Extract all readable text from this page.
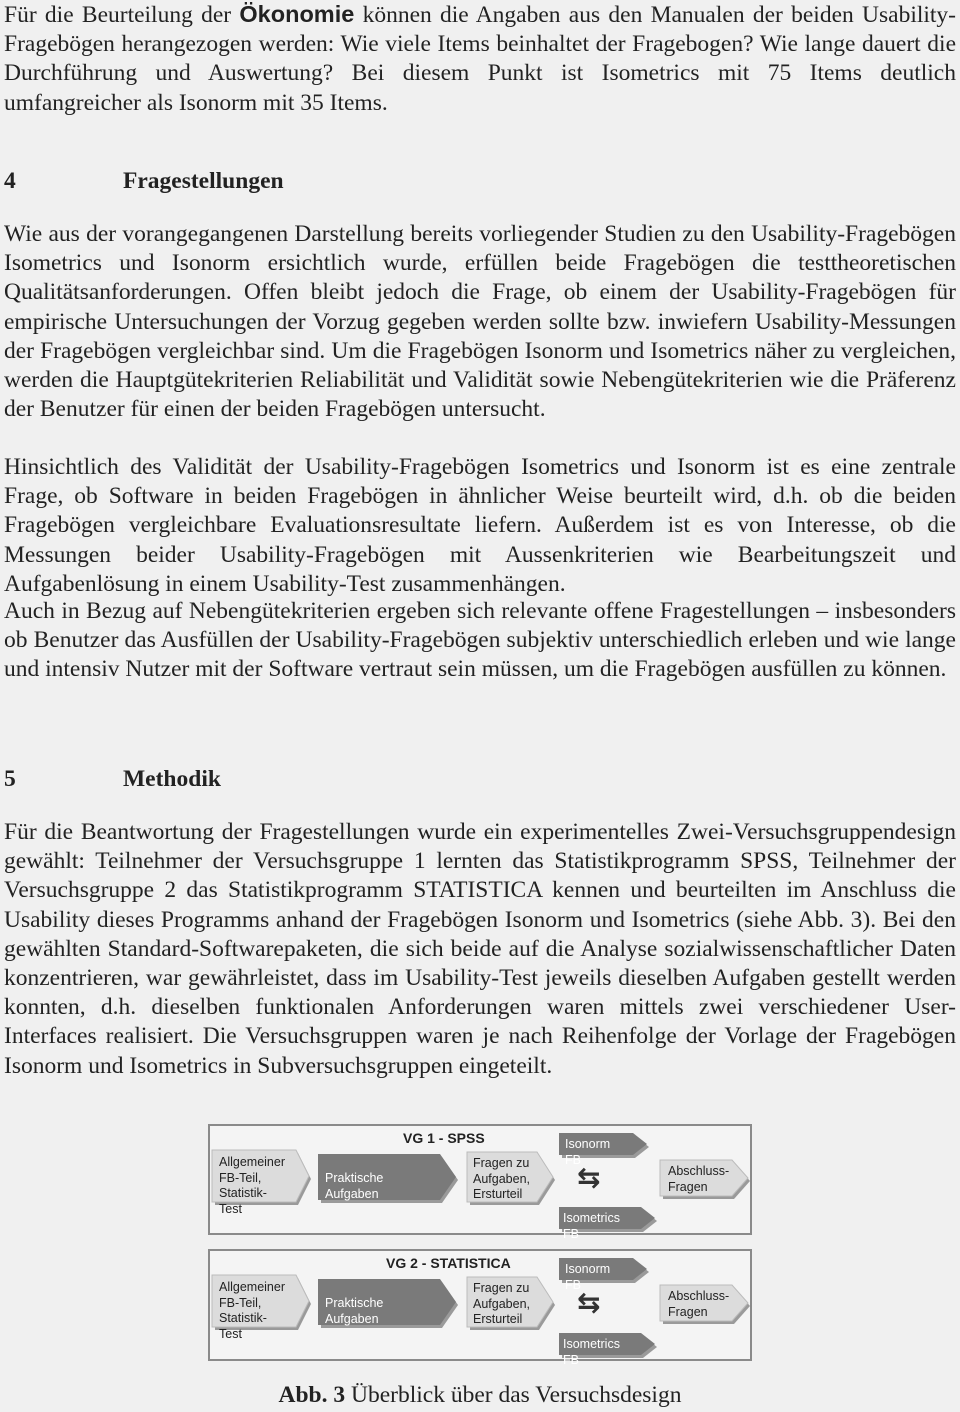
Für die Beurteilung der Ökonomie können die Angaben aus den Manualen der beiden Usability-Fragebögen herangezogen werden: Wie viele Items beinhaltet der Fragebogen? Wie lange dauert die Durchführung und Auswertung? Bei diesem Punkt ist Isometrics mit 75 Items deutlich umfangreicher als Isonorm mit 35 Items.

4	Fragestellungen

Wie aus der vorangegangenen Darstellung bereits vorliegender Studien zu den Usability-Fragebögen Isometrics und Isonorm ersichtlich wurde, erfüllen beide Fragebögen die testtheoretischen Qualitätsanforderungen. Offen bleibt jedoch die Frage, ob einem der Usability-Fragebögen für empirische Untersuchungen der Vorzug gegeben werden sollte bzw. inwiefern Usability-Messungen der Fragebögen vergleichbar sind. Um die Fragebögen Isonorm und Isometrics näher zu vergleichen, werden die Hauptgütekriterien Reliabilität und Validität sowie Nebengütekriterien wie die Präferenz der Benutzer für einen der beiden Fragebögen untersucht.

Hinsichtlich des Validität der Usability-Fragebögen Isometrics und Isonorm ist es eine zentrale Frage, ob Software in beiden Fragebögen in ähnlicher Weise beurteilt wird, d.h. ob die beiden Fragebögen vergleichbare Evaluationsresultate liefern. Außerdem ist es von Interesse, ob die Messungen beider Usability-Fragebögen mit Aussenkriterien wie Bearbeitungszeit und Aufgabenlösung in einem Usability-Test zusammenhängen.

Auch in Bezug auf Nebengütekriterien ergeben sich relevante offene Fragestellungen – insbesonders ob Benutzer das Ausfüllen der Usability-Fragebögen subjektiv unterschiedlich erleben und wie lange und intensiv Nutzer mit der Software vertraut sein müssen, um die Fragebögen ausfüllen zu können.

5	Methodik

Für die Beantwortung der Fragestellungen wurde ein experimentelles Zwei-Versuchsgruppendesign gewählt: Teilnehmer der Versuchsgruppe 1 lernten das Statistikprogramm SPSS, Teilnehmer der Versuchsgruppe 2 das Statistikprogramm STATISTICA kennen und beurteilten im Anschluss die Usability dieses Programms anhand der Fragebögen Isonorm und Isometrics (siehe Abb. 3). Bei den gewählten Standard-Softwarepaketen, die sich beide auf die Analyse sozialwissenschaftlicher Daten konzentrieren, war gewährleistet, dass im Usability-Test jeweils dieselben Aufgaben gestellt werden konnten, d.h. dieselben funktionalen Anforderungen waren mittels zwei verschiedener User-Interfaces realisiert. Die Versuchsgruppen waren je nach Reihenfolge der Vorlage der Fragebögen Isonorm und Isometrics in Subversuchsgruppen eingeteilt.

VG 1 - SPSS
Allgemeiner
FB-Teil,
Statistik-Test
Praktische Aufgaben
Fragen zu
Aufgaben,
Ersturteil
Isonorm FB
⇆
Isometrics FB
Abschluss-
Fragen
VG 2 - STATISTICA
Allgemeiner
FB-Teil,
Statistik-Test
Praktische Aufgaben
Fragen zu
Aufgaben,
Ersturteil
Isonorm FB
⇆
Isometrics FB
Abschluss-
Fragen
Abb. 3 Überblick über das Versuchsdesign
